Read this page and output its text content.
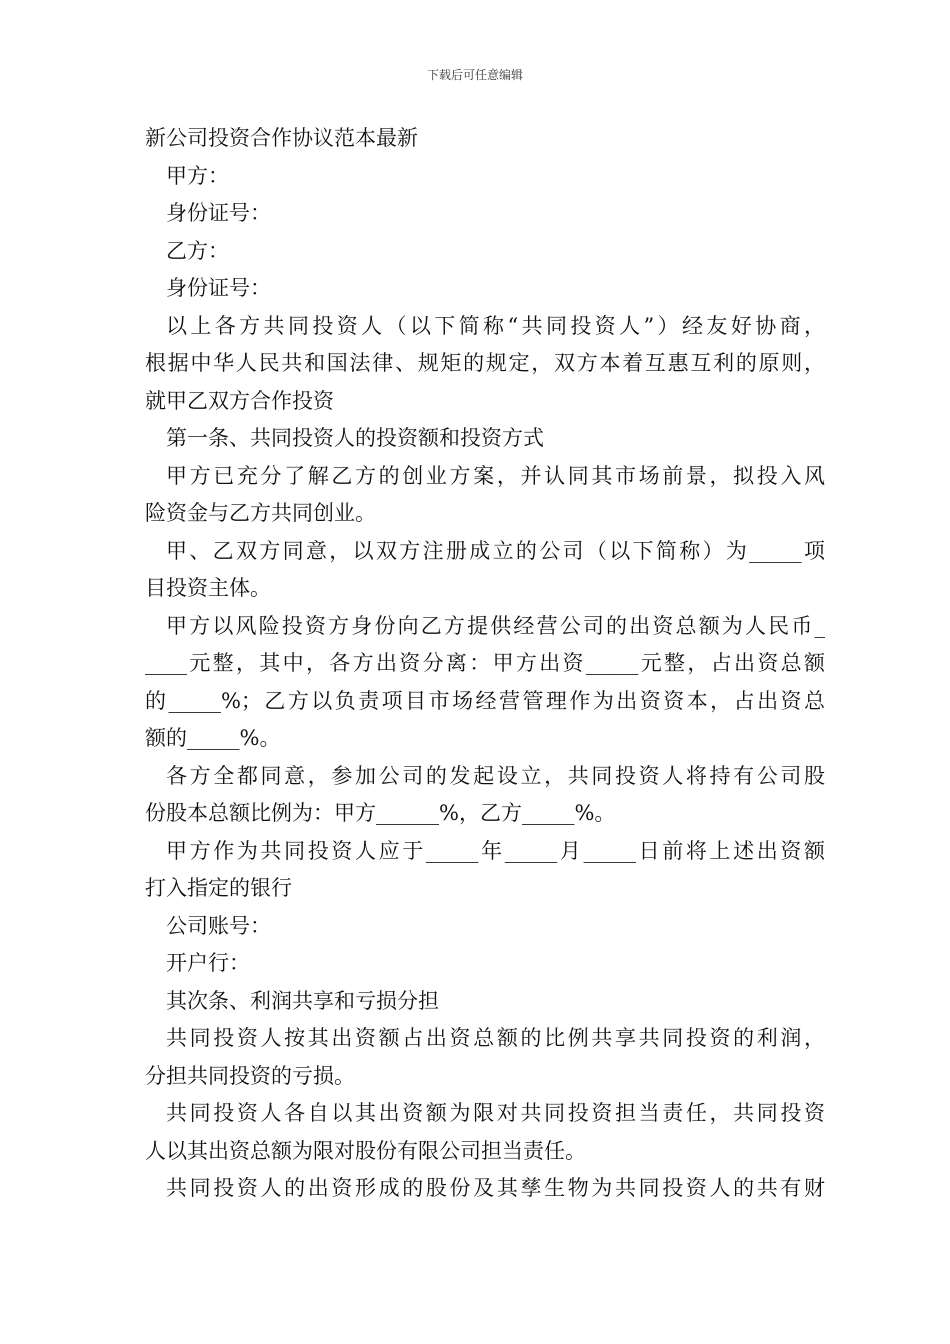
下载后可任意编辑
新公司投资合作协议范本最新
甲方：
身份证号：
乙方：
身份证号：
以上各方共同投资人（以下简称“共同投资人”）经友好协商，
根据中华人民共和国法律、规矩的规定，双方本着互惠互利的原则，
就甲乙双方合作投资
第一条、共同投资人的投资额和投资方式
甲方已充分了解乙方的创业方案，并认同其市场前景，拟投入风
险资金与乙方共同创业。
甲、乙双方同意，以双方注册成立的公司（以下简称）为_____项
目投资主体。
甲方以风险投资方身份向乙方提供经营公司的出资总额为人民币_
____元整，其中，各方出资分离：甲方出资_____元整，占出资总额
的_____%；乙方以负责项目市场经营管理作为出资资本，占出资总
额的_____%。
各方全都同意，参加公司的发起设立，共同投资人将持有公司股
份股本总额比例为：甲方______%，乙方_____%。
甲方作为共同投资人应于_____年_____月_____日前将上述出资额
打入指定的银行
公司账号：
开户行：
其次条、利润共享和亏损分担
共同投资人按其出资额占出资总额的比例共享共同投资的利润，
分担共同投资的亏损。
共同投资人各自以其出资额为限对共同投资担当责任，共同投资
人以其出资总额为限对股份有限公司担当责任。
共同投资人的出资形成的股份及其孳生物为共同投资人的共有财
